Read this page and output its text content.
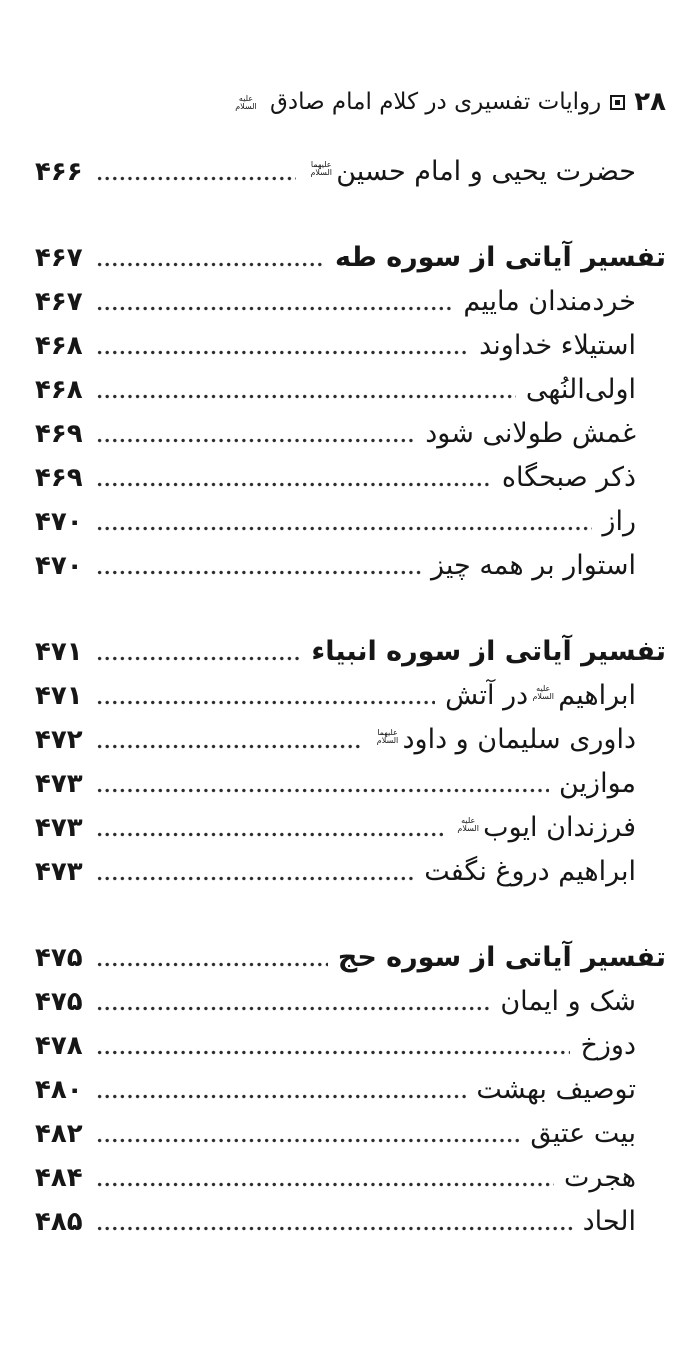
۲۸
روایات تفسیری در کلام امام صادق
علیه السلام
حضرت یحیی و امام حسینعلیهما السلام
۴۶۶
تفسیر آیاتی از سوره طه
۴۶۷
خردمندان ماییم
۴۶۷
استیلاء خداوند
۴۶۸
اولی‌النُهی
۴۶۸
غمش طولانی شود
۴۶۹
ذکر صبحگاه
۴۶۹
راز
۴۷۰
استوار بر همه چیز
۴۷۰
تفسیر آیاتی از سوره انبیاء
۴۷۱
ابراهیمعلیه السلامدر آتش
۴۷۱
داوری سلیمان و داودعلیهما السلام
۴۷۲
موازین
۴۷۳
فرزندان ایوبعلیه السلام
۴۷۳
ابراهیم دروغ نگفت
۴۷۳
تفسیر آیاتی از سوره حج
۴۷۵
شک و ایمان
۴۷۵
دوزخ
۴۷۸
توصیف بهشت
۴۸۰
بیت عتیق
۴۸۲
هجرت
۴۸۴
الحاد
۴۸۵
